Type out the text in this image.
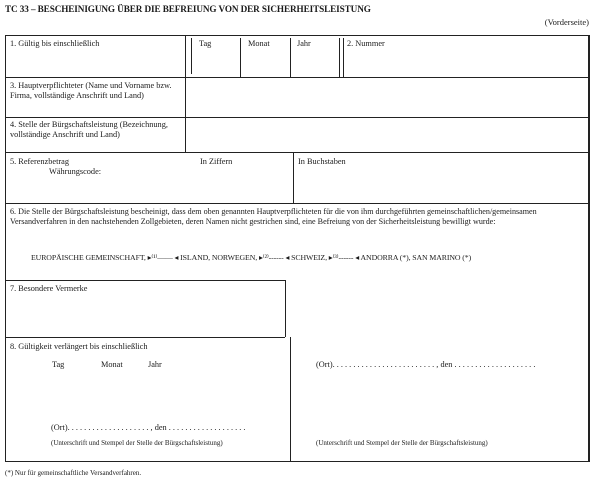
TC 33 – BESCHEINIGUNG ÜBER DIE BEFREIUNG VON DER SICHERHEITSLEISTUNG
(Vorderseite)
1. Gültig bis einschließlich	Tag	Monat	Jahr	2. Nummer
3. Hauptverpflichteter (Name und Vorname bzw. Firma, vollständige Anschrift und Land)
4. Stelle der Bürgschaftsleistung (Bezeichnung, vollständige Anschrift und Land)
5. Referenzbetrag
Währungscode:
In Ziffern	In Buchstaben
6. Die Stelle der Bürgschaftsleistung bescheinigt, dass dem oben genannten Hauptverpflichteten für die von ihm durchgeführten gemeinschaftlichen/gemeinsamen Versandverfahren in den nachstehenden Zollgebieten, deren Namen nicht gestrichen sind, eine Befreiung von der Sicherheitsleistung bewilligt wurde:
EUROPÄISCHE GEMEINSCHAFT, ▸⁽¹⁾—— ◂ ISLAND, NORWEGEN, ▸⁽²⁾------ ◂ SCHWEIZ, ▸⁽³⁾------ ◂ ANDORRA (*), SAN MARINO (*)
7. Besondere Vermerke
8. Gültigkeit verlängert bis einschließlich
Tag	Monat	Jahr
(Ort). . . . . . . . . . . . . . . . . . . . , den . . . . . . . . . . . . . . . . . . .
(Unterschrift und Stempel der Stelle der Bürgschaftsleistung)
(Ort). . . . . . . . . . . . . . . . . . . . . . . . . , den . . . . . . . . . . . . . . . . . . . .
(Unterschrift und Stempel der Stelle der Bürgschaftsleistung)
(*) Nur für gemeinschaftliche Versandverfahren.
